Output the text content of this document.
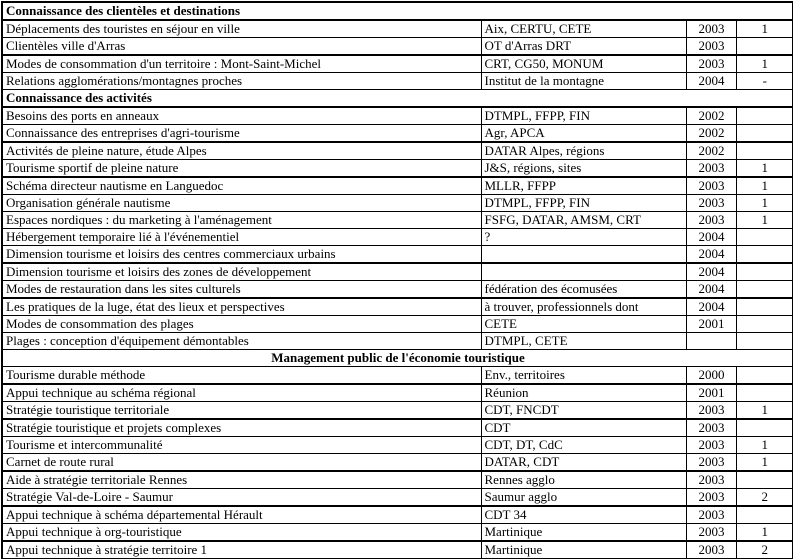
Connaissance des clientèles et destinations			
Déplacements des touristes en séjour en ville	Aix, CERTU, CETE	2003	1
Clientèles ville d'Arras	OT d'Arras DRT	2003	
Modes de consommation d'un territoire : Mont-Saint-Michel	CRT, CG50, MONUM	2003	1
Relations agglomérations/montagnes proches	Institut de la montagne	2004	-
Connaissance des activités			
Besoins des ports en anneaux	DTMPL, FFPP, FIN	2002	
Connaissance des entreprises d'agri-tourisme	Agr, APCA	2002	
Activités de pleine nature, étude Alpes	DATAR Alpes, régions	2002	
Tourisme sportif de pleine nature	J&S, régions, sites	2003	1
Schéma directeur nautisme en Languedoc	MLLR, FFPP	2003	1
Organisation générale nautisme	DTMPL, FFPP, FIN	2003	1
Espaces nordiques : du marketing à l'aménagement	FSFG, DATAR, AMSM, CRT	2003	1
Hébergement temporaire lié à l'événementiel	?	2004	
Dimension tourisme et loisirs des centres commerciaux urbains		2004	
Dimension tourisme et loisirs des zones de développement		2004	
Modes de restauration dans les sites culturels	fédération des écomusées	2004	
Les pratiques de la luge, état des lieux et perspectives	à trouver, professionnels dont	2004	
Modes de consommation des plages	CETE	2001	
Plages : conception d'équipement démontables	DTMPL, CETE		
Management public de l'économie touristique			
Tourisme durable méthode	Env., territoires	2000	
Appui technique au schéma régional	Réunion	2001	
Stratégie touristique territoriale	CDT, FNCDT	2003	1
Stratégie touristique et projets complexes	CDT	2003	
Tourisme et intercommunalité	CDT, DT, CdC	2003	1
Carnet de route rural	DATAR, CDT	2003	1
Aide à stratégie territoriale Rennes	Rennes agglo	2003	
Stratégie Val-de-Loire - Saumur	Saumur agglo	2003	2
Appui technique à schéma départemental Hérault	CDT 34	2003	
Appui technique à org-touristique	Martinique	2003	1
Appui technique à stratégie territoire 1	Martinique	2003	2
